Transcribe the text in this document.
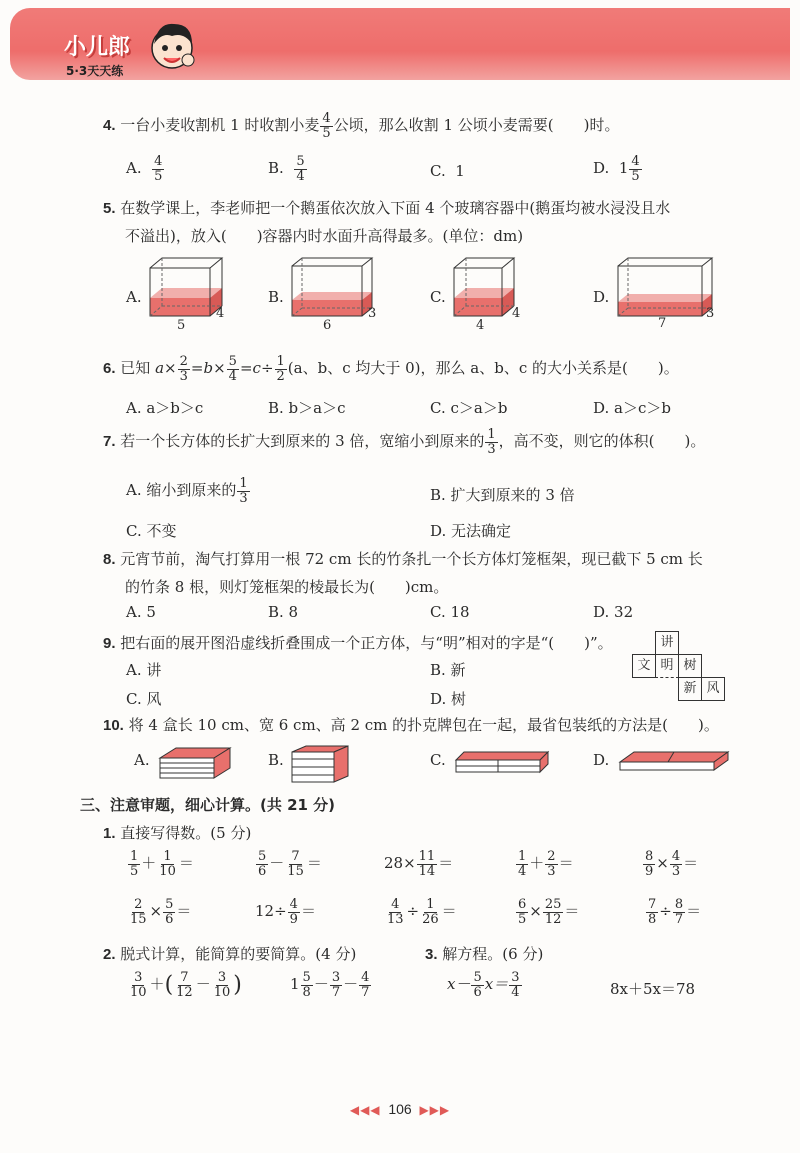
小儿郎
5·3天天练
4. 一台小麦收割机 1 时收割小麦 $\frac{4}{5}$ 公顷，那么收割 1 公顷小麦需要(　　)时。
A. $\frac{4}{5}$	B. $\frac{5}{4}$	C. 1	D. $1 \frac{4}{5}$
5. 在数学课上，李老师把一个鹅蛋依次放入下面 4 个玻璃容器中(鹅蛋均被水浸没且水
不溢出)，放入(　　)容器内时水面升高得最多。(单位：dm)
A.
5
4
B.
6
3
C.
4
4
D.
7
3
6. 已知 $a\times \frac{2}{3} =b\times \frac{5}{4} =c\div \frac{1}{2} (a$、b、c 均大于 0)，那么 a、b、c 的大小关系是(　　)。
A. a＞b＞c	B. b＞a＞c	C. c＞a＞b	D. a＞c＞b
7. 若一个长方体的长扩大到原来的 3 倍，宽缩小到原来的 $\frac{1}{3}$ ，高不变，则它的体积(　　)。
A. 缩小到原来的 $\frac{1}{3}$	B. 扩大到原来的 3 倍
C. 不变	D. 无法确定
8. 元宵节前，淘气打算用一根 72 cm 长的竹条扎一个长方体灯笼框架，现已截下 5 cm 长
的竹条 8 根，则灯笼框架的棱最长为(　　)cm。
A. 5	B. 8	C. 18	D. 32
9. 把右面的展开图沿虚线折叠围成一个正方体，与“明”相对的字是“(　　)”。
A. 讲	B. 新
C. 风	D. 树
讲
文 明 树
新 风
10. 将 4 盒长 10 cm、宽 6 cm、高 2 cm 的扑克牌包在一起，最省包装纸的方法是(　　)。
A.	B.	C.	D.
三、注意审题，细心计算。(共 21 分)
1. 直接写得数。(5 分)
$\frac{1}{5} + \frac{1}{10}$ ＝	$\frac{5}{6} - \frac{7}{15}$ ＝	$28\times \frac{11}{14}$ ＝	$\frac{1}{4} + \frac{2}{3}$ ＝	$\frac{8}{9} \times \frac{4}{3}$ ＝
$\frac{2}{15} \times \frac{5}{6}$ ＝	$12\div \frac{4}{9}$ ＝	$\frac{4}{13} \div \frac{1}{26}$ ＝	$\frac{6}{5} \times \frac{25}{12}$ ＝	$\frac{7}{8} \div \frac{8}{7}$ ＝
2. 脱式计算，能简算的要简算。(4 分)	3. 解方程。(6 分)
$\frac{3}{10}$ ＋( $\frac{7}{12} - \frac{3}{10}$ )	$1 \frac{5}{8} - \frac{3}{7} - \frac{4}{7}$	$x- \frac{5}{6} x= \frac{3}{4}$	8x＋5x＝78
◀◀◀ 106 ▶▶▶
